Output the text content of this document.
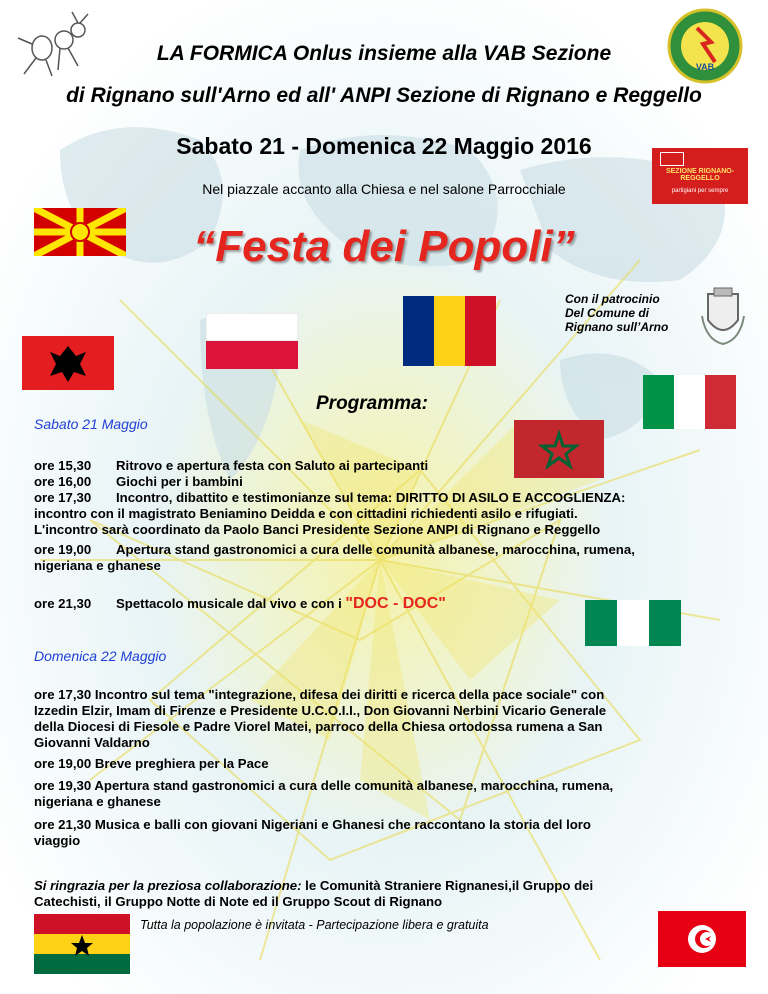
VAB
SEZIONE RIGNANO-REGGELLO
partigiani per sempre
LA FORMICA Onlus insieme alla VAB Sezione
di Rignano sull'Arno ed all' ANPI Sezione di Rignano e Reggello
Sabato 21 - Domenica 22 Maggio 2016
Nel piazzale accanto alla Chiesa e nel salone Parrocchiale
“Festa dei Popoli”
Con il patrocinio
Del Comune di
Rignano sull’Arno
Programma:
Sabato 21 Maggio
ore 15,30 Ritrovo e apertura festa con Saluto ai partecipanti
ore 16,00 Giochi per i bambini
ore 17,30 Incontro, dibattito e testimonianze sul tema: DIRITTO DI ASILO E ACCOGLIENZA:
incontro con il magistrato Beniamino Deidda e con cittadini richiedenti asilo e rifugiati.
L'incontro sarà coordinato da Paolo Banci Presidente Sezione ANPI di Rignano e Reggello
ore 19,00 Apertura stand gastronomici a cura delle comunità albanese, marocchina, rumena,
nigeriana e ghanese
ore 21,30 Spettacolo musicale dal vivo e con i "DOC - DOC"
Domenica 22 Maggio
ore 17,30 Incontro sul tema "integrazione, difesa dei diritti e ricerca della pace sociale" con
Izzedin Elzir, Imam di Firenze e Presidente U.C.O.I.I., Don Giovanni Nerbini Vicario Generale
della Diocesi di Fiesole e Padre Viorel Matei, parroco della Chiesa ortodossa rumena a San
Giovanni Valdarno
ore 19,00 Breve preghiera per la Pace
ore 19,30 Apertura stand gastronomici a cura delle comunità albanese, marocchina, rumena,
nigeriana e ghanese
ore 21,30 Musica e balli con giovani Nigeriani e Ghanesi che raccontano la storia del loro
viaggio
Si ringrazia per la preziosa collaborazione: le Comunità Straniere Rignanesi,il Gruppo dei
Catechisti, il Gruppo Notte di Note ed il Gruppo Scout di Rignano
Tutta la popolazione è invitata - Partecipazione libera e gratuita
